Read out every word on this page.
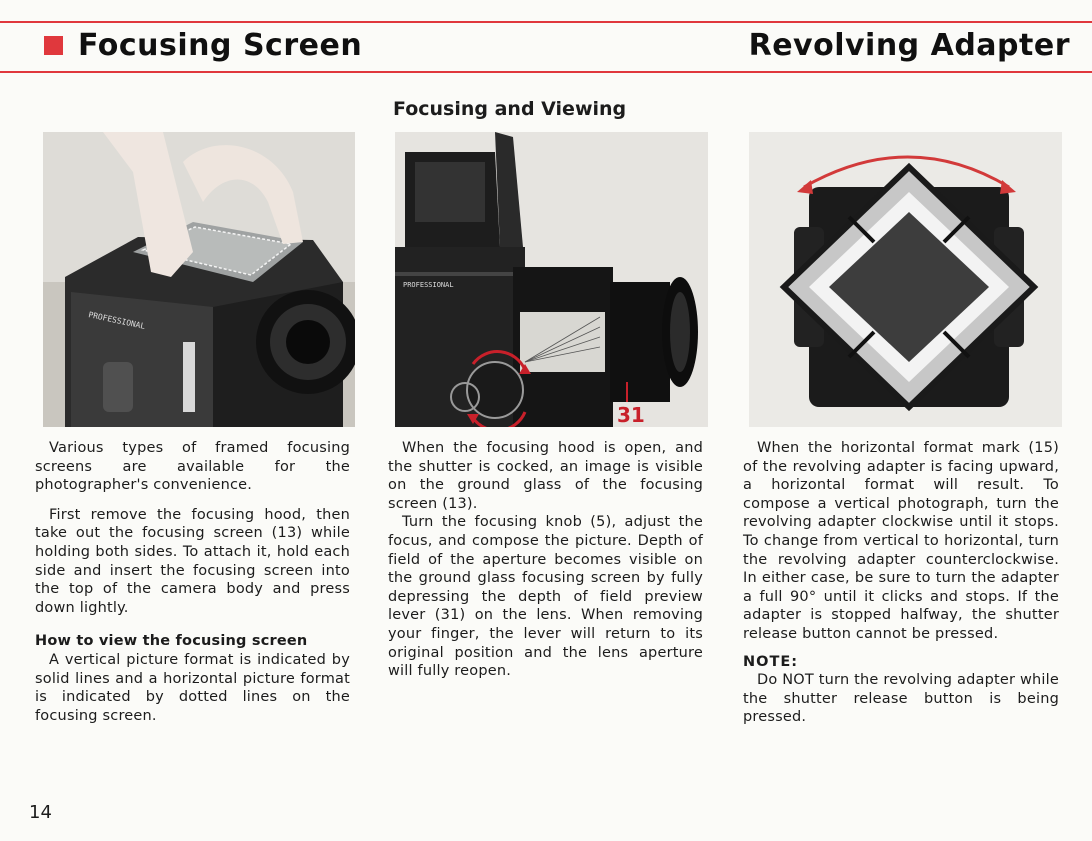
Focusing Screen	Revolving Adapter
Focusing and Viewing
PROFESSIONAL
PROFESSIONAL
31

Various types of framed focusing screens are available for the photographer's convenience.

First remove the focusing hood, then take out the focusing screen (13) while holding both sides. To attach it, hold each side and insert the focusing screen into the top of the camera body and press down lightly.

How to view the focusing screen

A vertical picture format is indicated by solid lines and a horizontal picture format is indicated by dotted lines on the focusing screen.

When the focusing hood is open, and the shutter is cocked, an image is visible on the ground glass of the focusing screen (13).

Turn the focusing knob (5), adjust the focus, and compose the picture. Depth of field of the aperture becomes visible on the ground glass focusing screen by fully depressing the depth of field preview lever (31) on the lens. When removing your finger, the lever will return to its original position and the lens aperture will fully reopen.

When the horizontal format mark (15) of the revolving adapter is facing upward, a horizontal format will result. To compose a vertical photograph, turn the revolving adapter clockwise until it stops. To change from vertical to horizontal, turn the revolving adapter counterclockwise. In either case, be sure to turn the adapter a full 90° until it clicks and stops. If the adapter is stopped halfway, the shutter release button cannot be pressed.

NOTE:

Do NOT turn the revolving adapter while the shutter release button is being pressed.

14
